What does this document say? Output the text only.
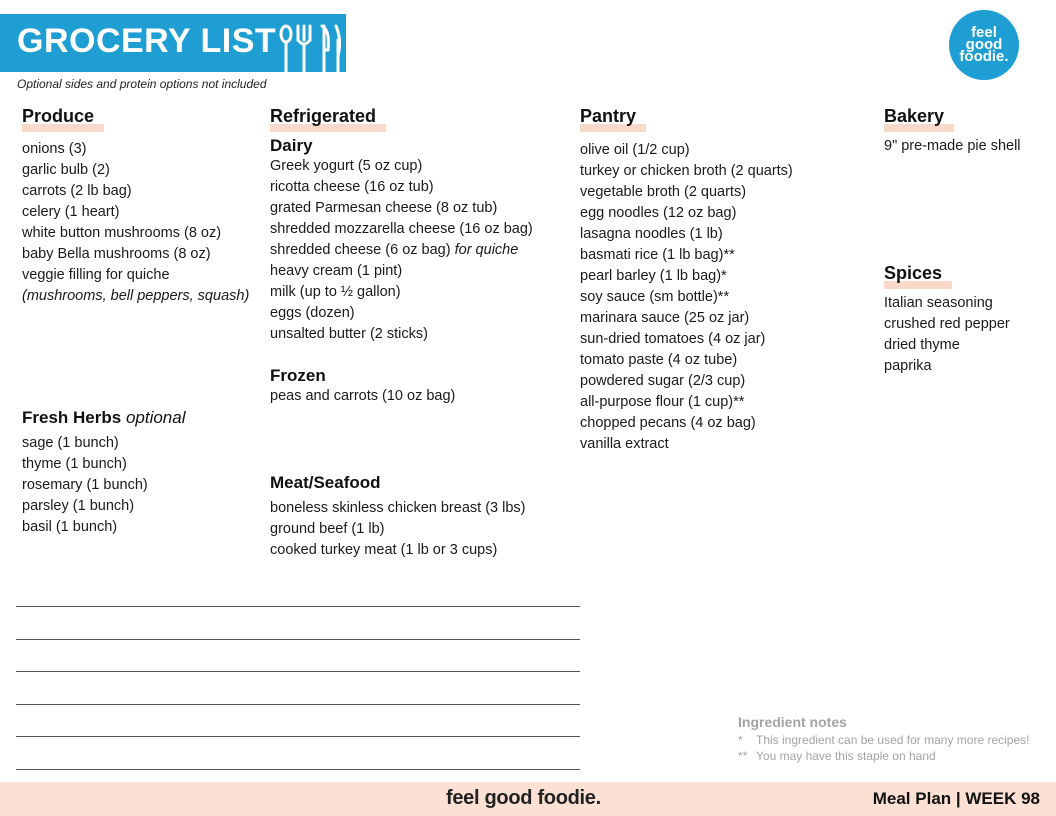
GROCERY LIST
Optional sides and protein options not included
feel
good
foodie.
Produce
onions (3)
garlic bulb (2)
carrots (2 lb bag)
celery (1 heart)
white button mushrooms (8 oz)
baby Bella mushrooms (8 oz)
veggie filling for quiche
(mushrooms, bell peppers, squash)
Fresh Herbs optional
sage (1 bunch)
thyme (1 bunch)
rosemary (1 bunch)
parsley (1 bunch)
basil (1 bunch)
Refrigerated
Dairy
Greek yogurt (5 oz cup)
ricotta cheese (16 oz tub)
grated Parmesan cheese (8 oz tub)
shredded mozzarella cheese (16 oz bag)
shredded cheese (6 oz bag) for quiche
heavy cream (1 pint)
milk (up to ½ gallon)
eggs (dozen)
unsalted butter (2 sticks)
Frozen
peas and carrots (10 oz bag)
Meat/Seafood
boneless skinless chicken breast (3 lbs)
ground beef (1 lb)
cooked turkey meat (1 lb or 3 cups)
Pantry
olive oil (1/2 cup)
turkey or chicken broth (2 quarts)
vegetable broth (2 quarts)
egg noodles (12 oz bag)
lasagna noodles (1 lb)
basmati rice (1 lb bag)**
pearl barley (1 lb bag)*
soy sauce (sm bottle)**
marinara sauce (25 oz jar)
sun-dried tomatoes (4 oz jar)
tomato paste (4 oz tube)
powdered sugar (2/3 cup)
all-purpose flour (1 cup)**
chopped pecans (4 oz bag)
vanilla extract
Bakery
9" pre-made pie shell
Spices
Italian seasoning
crushed red pepper
dried thyme
paprika
Ingredient notes
* This ingredient can be used for many more recipes!
** You may have this staple on hand
feel good foodie.	Meal Plan | WEEK 98
